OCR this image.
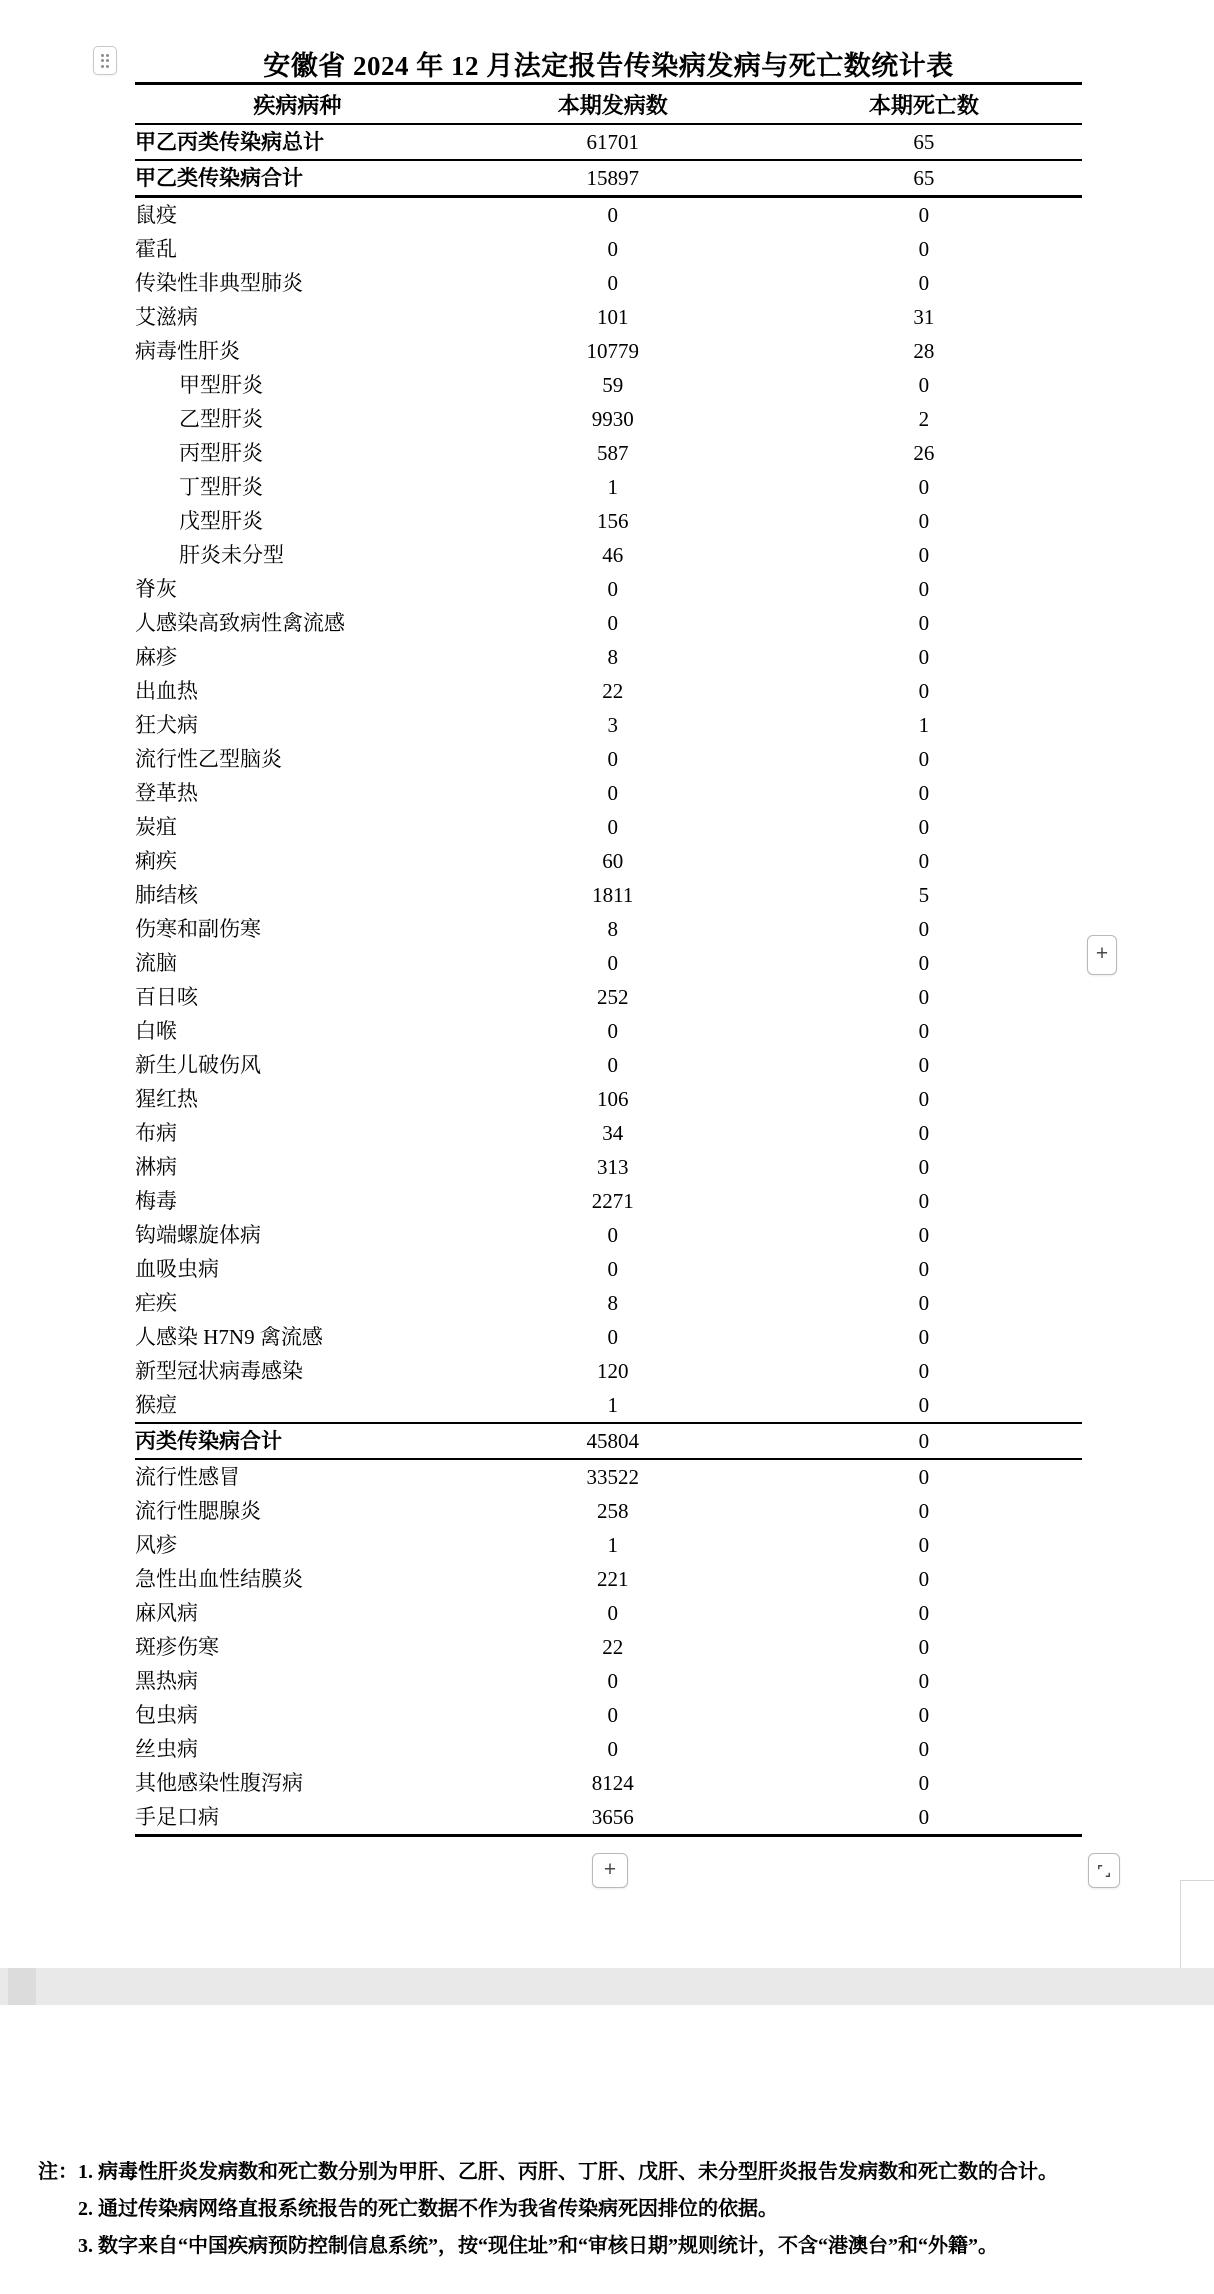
安徽省 2024 年 12 月法定报告传染病发病与死亡数统计表
疾病病种	本期发病数	本期死亡数
甲乙丙类传染病总计	61701	65
甲乙类传染病合计	15897	65
鼠疫	0	0
霍乱	0	0
传染性非典型肺炎	0	0
艾滋病	101	31
病毒性肝炎	10779	28
甲型肝炎	59	0
乙型肝炎	9930	2
丙型肝炎	587	26
丁型肝炎	1	0
戊型肝炎	156	0
肝炎未分型	46	0
脊灰	0	0
人感染高致病性禽流感	0	0
麻疹	8	0
出血热	22	0
狂犬病	3	1
流行性乙型脑炎	0	0
登革热	0	0
炭疽	0	0
痢疾	60	0
肺结核	1811	5
伤寒和副伤寒	8	0
流脑	0	0
百日咳	252	0
白喉	0	0
新生儿破伤风	0	0
猩红热	106	0
布病	34	0
淋病	313	0
梅毒	2271	0
钩端螺旋体病	0	0
血吸虫病	0	0
疟疾	8	0
人感染 H7N9 禽流感	0	0
新型冠状病毒感染	120	0
猴痘	1	0
丙类传染病合计	45804	0
流行性感冒	33522	0
流行性腮腺炎	258	0
风疹	1	0
急性出血性结膜炎	221	0
麻风病	0	0
斑疹伤寒	22	0
黑热病	0	0
包虫病	0	0
丝虫病	0	0
其他感染性腹泻病	8124	0
手足口病	3656	0
+
+
注： 1. 病毒性肝炎发病数和死亡数分别为甲肝、乙肝、丙肝、丁肝、戊肝、未分型肝炎报告发病数和死亡数的合计。
2. 通过传染病网络直报系统报告的死亡数据不作为我省传染病死因排位的依据。
3. 数字来自“中国疾病预防控制信息系统”，按“现住址”和“审核日期”规则统计，不含“港澳台”和“外籍”。
